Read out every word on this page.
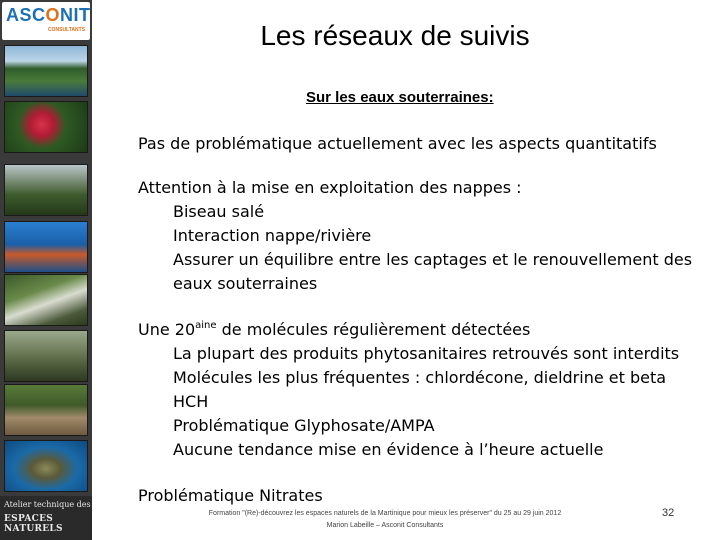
ASCONIT
CONSULTANTS
Atelier technique des
ESPACES NATURELS
Les réseaux de suivis
Sur les eaux souterraines:

Pas de problématique actuellement avec les aspects quantitatifs

Attention à la mise en exploitation des nappes :

Biseau salé

Interaction nappe/rivière

Assurer un équilibre entre les captages et le renouvellement des eaux souterraines

Une $20^{aine}$ de molécules régulièrement détectées

La plupart des produits phytosanitaires retrouvés sont interdits

Molécules les plus fréquentes : chlordécone, dieldrine et beta HCH

Problématique Glyphosate/AMPA

Aucune tendance mise en évidence à l’heure actuelle

Problématique Nitrates

Formation "(Re)-découvrez les espaces naturels de la Martinique pour mieux les préserver" du 25 au 29 juin 2012
Marion Labeille – Asconit Consultants
32
